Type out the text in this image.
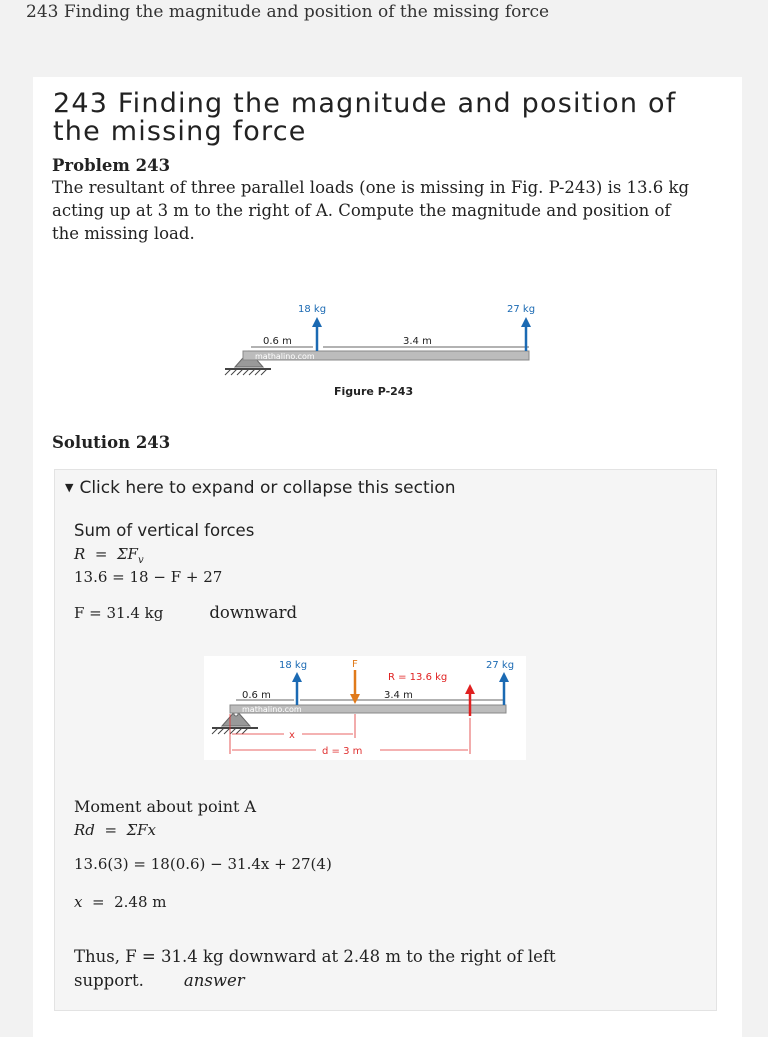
243 Finding the magnitude and position of the missing force
243 Finding the magnitude and position of the missing force
Problem 243
The resultant of three parallel loads (one is missing in Fig. P-243) is 13.6 kg acting up at 3 m to the right of A. Compute the magnitude and position of the missing load.
mathalino.com
0.6 m	3.4 m
18 kg	27 kg
Figure P-243
Solution 243
▼ Click here to expand or collapse this section
Sum of vertical forces
$R = \Sigma F_v$
13.6 = 18 − F + 27
F = 31.4 kg	downward
mathalino.com
0.6 m	3.4 m
18 kg	F
R = 13.6 kg
27 kg
x
d = 3 m
Moment about point A
Rd  =  ΣFx
13.6(3) = 18(0.6) − 31.4x + 27(4)
x  =  2.48 m
Thus, F = 31.4 kg downward at 2.48 m to the right of left support. answer
